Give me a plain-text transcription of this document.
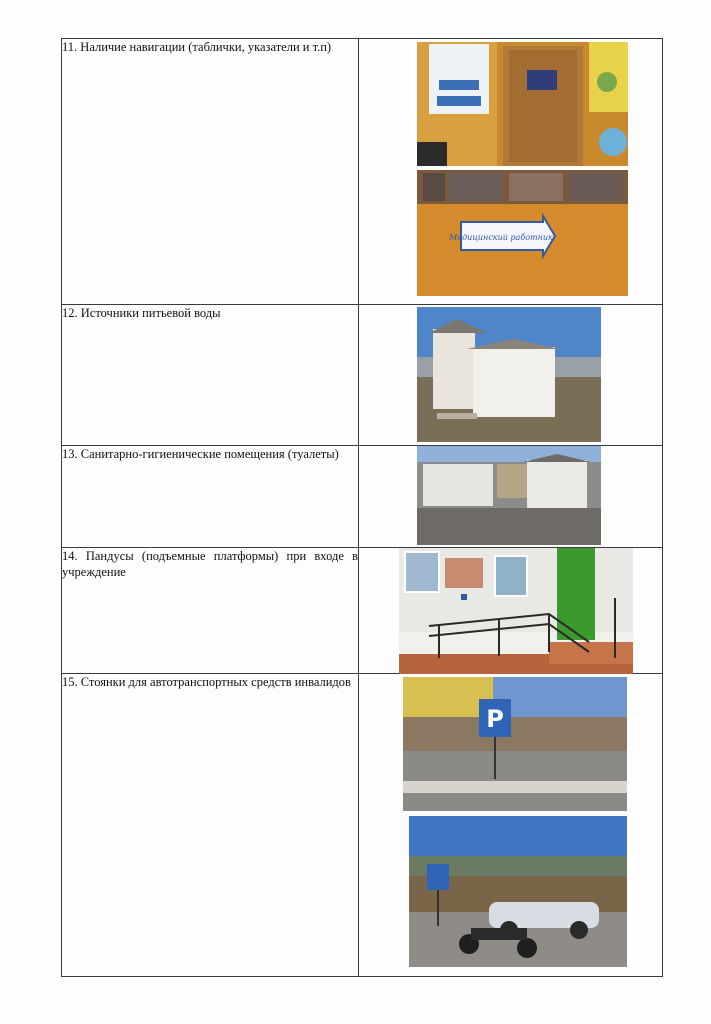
11. Наличие навигации (таблички, указатели и т.п)	Медицинский работник

12. Источники питьевой воды	

13. Санитарно-гигиенические помещения (туалеты)	

14. Пандусы (подъемные платформы) при входе в учреждение	

15. Стоянки для автотранспортных средств инвалидов	P
